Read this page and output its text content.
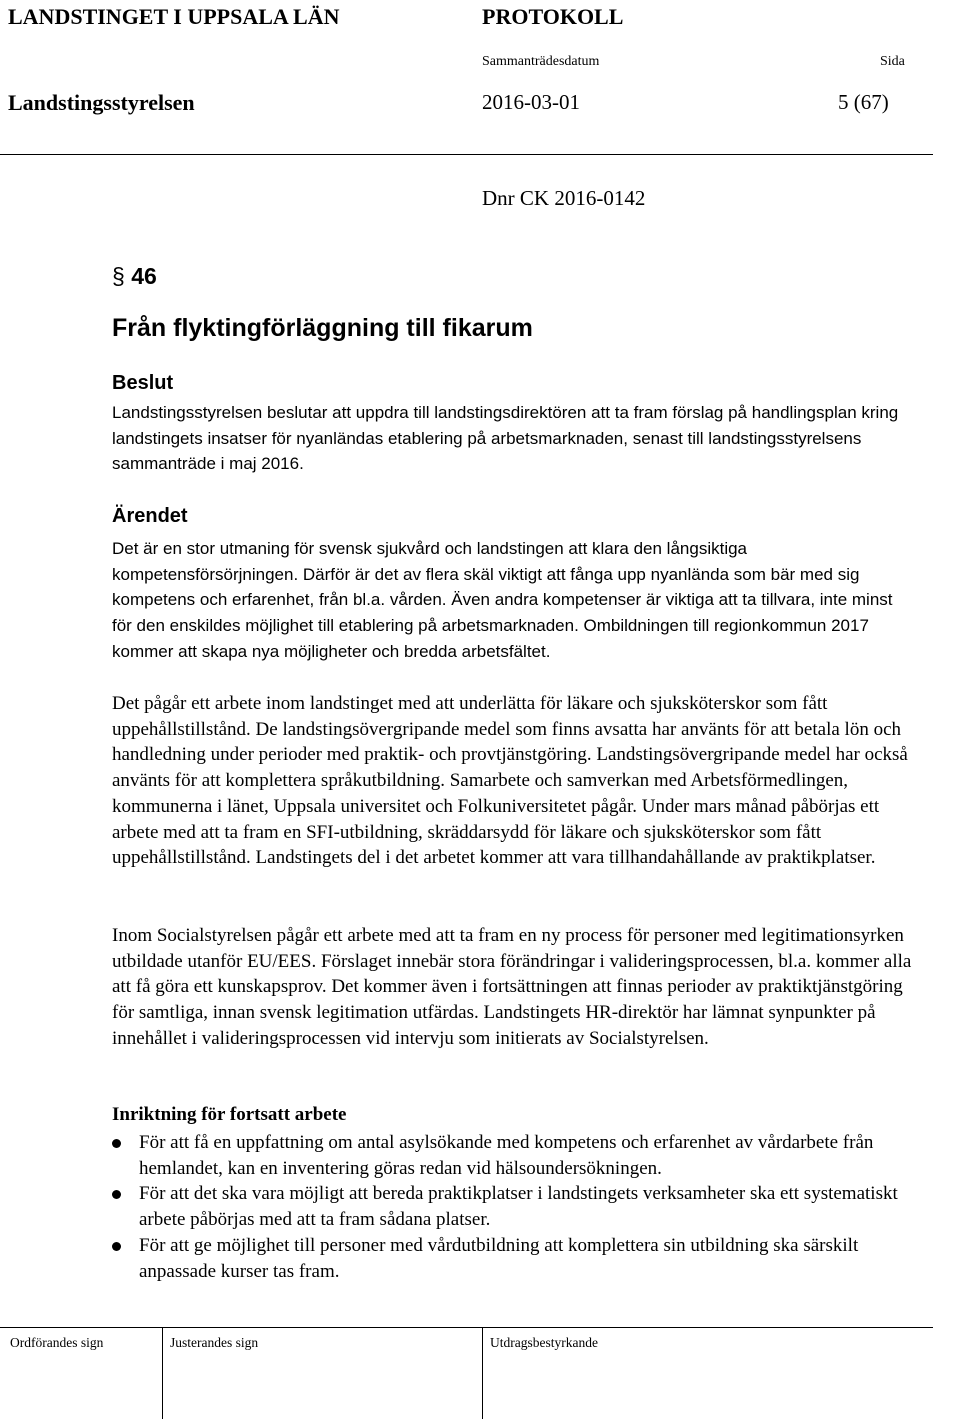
LANDSTINGET I UPPSALA LÄN	PROTOKOLL
Sammanträdesdatum	Sida
Landstingsstyrelsen	2016-03-01	5 (67)
Dnr CK 2016-0142
§ 46
Från flyktingförläggning till fikarum
Beslut

Landstingsstyrelsen beslutar att uppdra till landstingsdirektören att ta fram förslag på handlingsplan kring landstingets insatser för nyanländas etablering på arbetsmarknaden, senast till landstingsstyrelsens sammanträde i maj 2016.

Ärendet

Det är en stor utmaning för svensk sjukvård och landstingen att klara den långsiktiga kompetensförsörjningen. Därför är det av flera skäl viktigt att fånga upp nyanlända som bär med sig kompetens och erfarenhet, från bl.a. vården. Även andra kompetenser är viktiga att ta tillvara, inte minst för den enskildes möjlighet till etablering på arbetsmarknaden. Ombildningen till regionkommun 2017 kommer att skapa nya möjligheter och bredda arbetsfältet.

Det pågår ett arbete inom landstinget med att underlätta för läkare och sjuksköterskor som fått uppehållstillstånd. De landstingsövergripande medel som finns avsatta har använts för att betala lön och handledning under perioder med praktik- och provtjänstgöring. Landstingsövergripande medel har också använts för att komplettera språkutbildning. Samarbete och samverkan med Arbetsförmedlingen, kommunerna i länet, Uppsala universitet och Folkuniversitetet pågår. Under mars månad påbörjas ett arbete med att ta fram en SFI-utbildning, skräddarsydd för läkare och sjuksköterskor som fått uppehållstillstånd. Landstingets del i det arbetet kommer att vara tillhandahållande av praktikplatser.

Inom Socialstyrelsen pågår ett arbete med att ta fram en ny process för personer med legitimationsyrken utbildade utanför EU/EES. Förslaget innebär stora förändringar i valideringsprocessen, bl.a. kommer alla att få göra ett kunskapsprov. Det kommer även i fortsättningen att finnas perioder av praktiktjänstgöring för samtliga, innan svensk legitimation utfärdas. Landstingets HR-direktör har lämnat synpunkter på innehållet i valideringsprocessen vid intervju som initierats av Socialstyrelsen.

Inriktning för fortsatt arbete
För att få en uppfattning om antal asylsökande med kompetens och erfarenhet av vårdarbete från hemlandet, kan en inventering göras redan vid hälsoundersökningen.
För att det ska vara möjligt att bereda praktikplatser i landstingets verksamheter ska ett systematiskt arbete påbörjas med att ta fram sådana platser.
För att ge möjlighet till personer med vårdutbildning att komplettera sin utbildning ska särskilt anpassade kurser tas fram.
Ordförandes sign	Justerandes sign	Utdragsbestyrkande
